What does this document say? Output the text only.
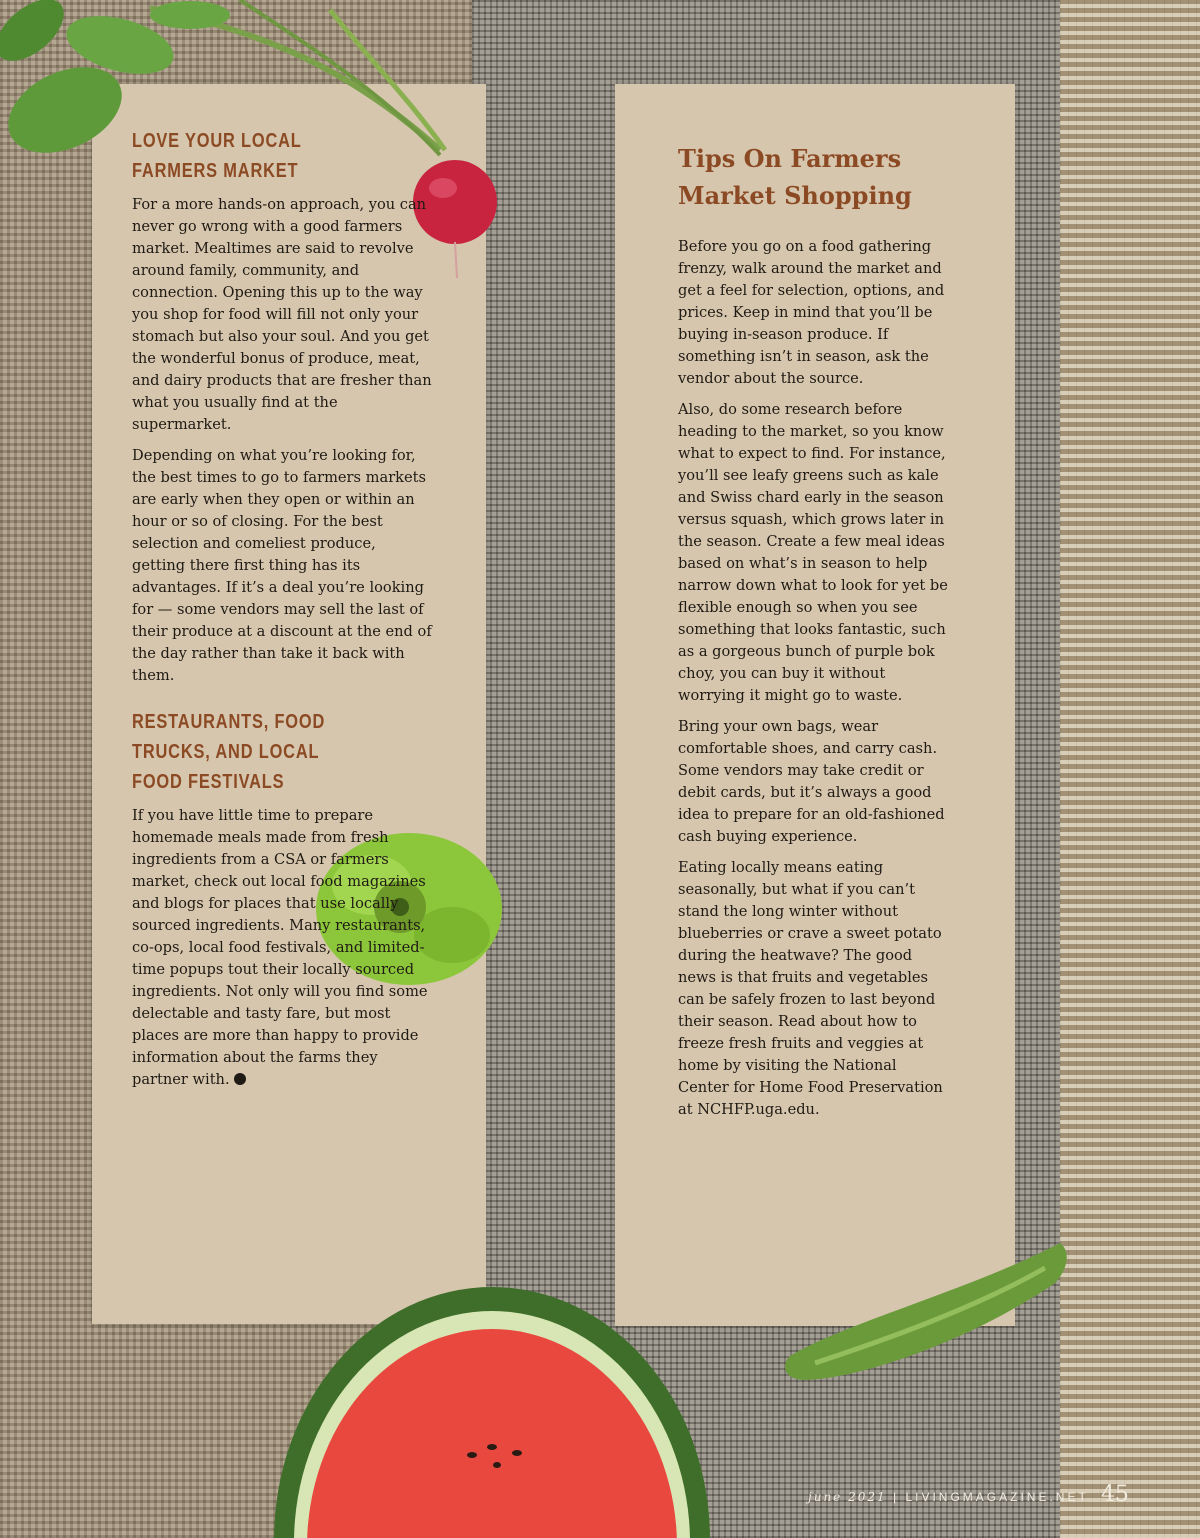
LOVE YOUR LOCAL
FARMERS MARKET

For a more hands-on approach, you can never go wrong with a good farmers market. Mealtimes are said to revolve around family, community, and connection. Opening this up to the way you shop for food will fill not only your stomach but also your soul. And you get the wonderful bonus of produce, meat, and dairy products that are fresher than what you usually find at the supermarket.

Depending on what you’re looking for, the best times to go to farmers markets are early when they open or within an hour or so of closing. For the best selection and comeliest produce, getting there first thing has its advantages. If it’s a deal you’re looking for — some vendors may sell the last of their produce at a discount at the end of the day rather than take it back with them.

RESTAURANTS, FOOD
TRUCKS, AND LOCAL
FOOD FESTIVALS

If you have little time to prepare homemade meals made from fresh ingredients from a CSA or farmers market, check out local food magazines and blogs for places that use locally sourced ingredients. Many restaurants, co-ops, local food festivals, and limited-time popups tout their locally sourced ingredients. Not only will you find some delectable and tasty fare, but most places are more than happy to provide information about the farms they partner with.

Tips On Farmers
Market Shopping

Before you go on a food gathering frenzy, walk around the market and get a feel for selection, options, and prices. Keep in mind that you’ll be buying in-season produce. If something isn’t in season, ask the vendor about the source.

Also, do some research before heading to the market, so you know what to expect to find. For instance, you’ll see leafy greens such as kale and Swiss chard early in the season versus squash, which grows later in the season. Create a few meal ideas based on what’s in season to help narrow down what to look for yet be flexible enough so when you see something that looks fantastic, such as a gorgeous bunch of purple bok choy, you can buy it without worrying it might go to waste.

Bring your own bags, wear comfortable shoes, and carry cash. Some vendors may take credit or debit cards, but it’s always a good idea to prepare for an old-fashioned cash buying experience.

Eating locally means eating seasonally, but what if you can’t stand the long winter without blueberries or crave a sweet potato during the heatwave? The good news is that fruits and vegetables can be safely frozen to last beyond their season. Read about how to freeze fresh fruits and veggies at home by visiting the National Center for Home Food Preservation at NCHFP.uga.edu.

june 2021 | LIVINGMAGAZINE.NET 45
